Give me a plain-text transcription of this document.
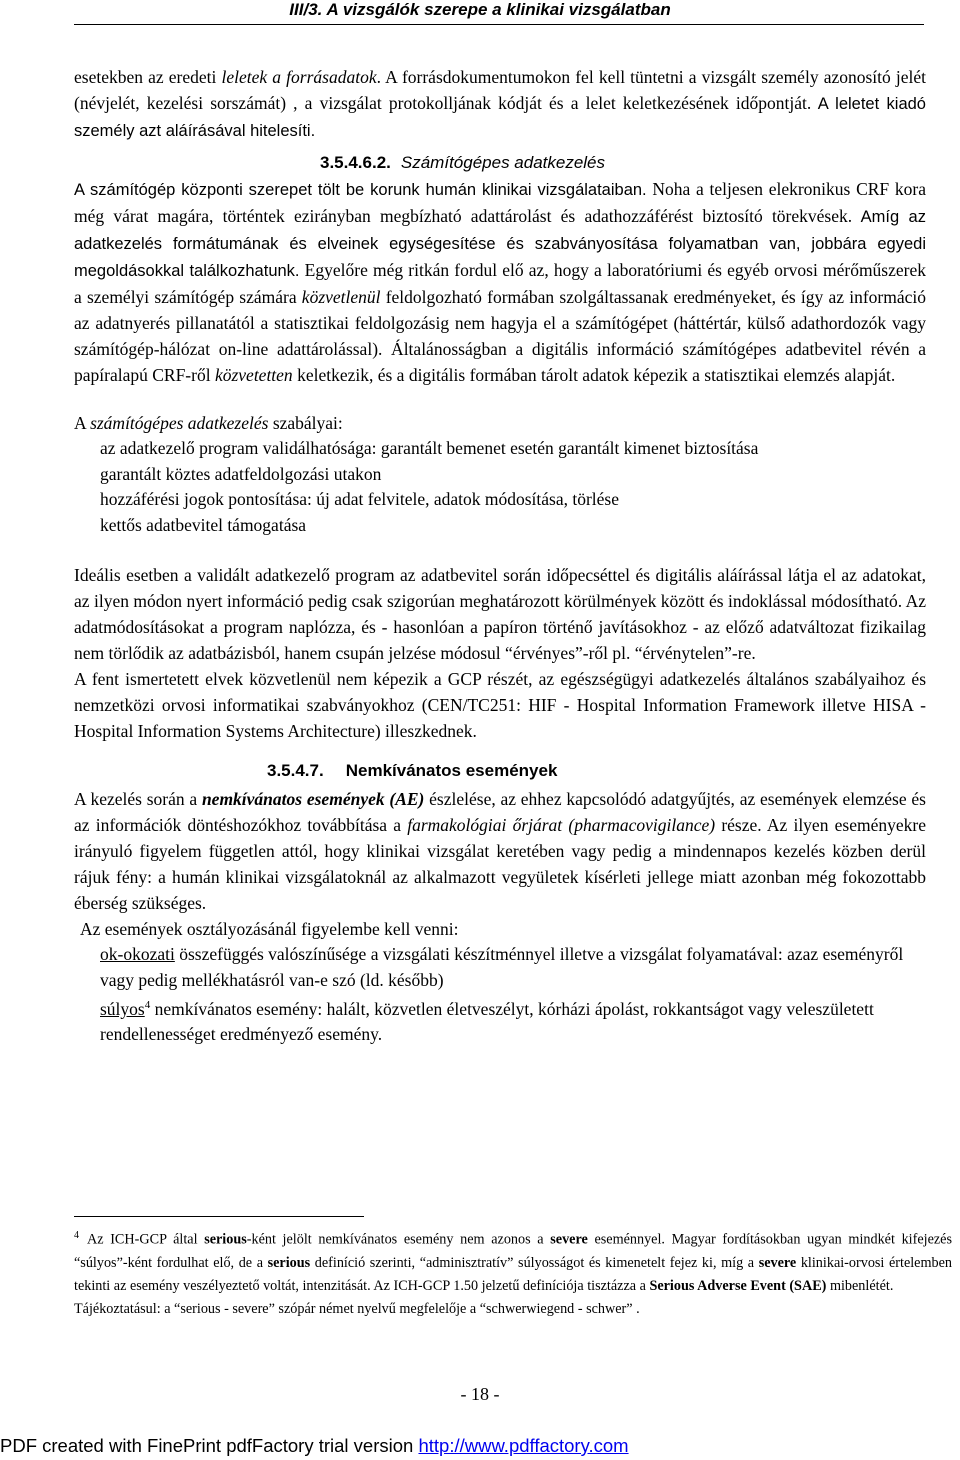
III/3. A vizsgálók szerepe a klinikai vizsgálatban

esetekben az eredeti leletek a forrásadatok. A forrásdokumentumokon fel kell tüntetni a vizsgált személy azonosító jelét (névjelét, kezelési sorszámát) , a vizsgálat protokolljának kódját és a lelet keletkezésének időpontját. A leletet kiadó személy azt aláírásával hitelesíti.

3.5.4.6.2. Számítógépes adatkezelés

A számítógép központi szerepet tölt be korunk humán klinikai vizsgálataiban. Noha a teljesen elekronikus CRF kora még várat magára, történtek ezirányban megbízható adattárolást és adathozzáférést biztosító törekvések. Amíg az adatkezelés formátumának és elveinek egységesítése és szabványosítása folyamatban van, jobbára egyedi megoldásokkal találkozhatunk. Egyelőre még ritkán fordul elő az, hogy a laboratóriumi és egyéb orvosi mérőműszerek a személyi számítógép számára közvetlenül feldolgozható formában szolgáltassanak eredményeket, és így az információ az adatnyerés pillanatától a statisztikai feldolgozásig nem hagyja el a számítógépet (háttértár, külső adathordozók vagy számítógép-hálózat on-line adattárolással). Általánosságban a digitális információ számítógépes adatbevitel révén a papíralapú CRF-ről közvetetten keletkezik, és a digitális formában tárolt adatok képezik a statisztikai elemzés alapját.

A számítógépes adatkezelés szabályai:

az adatkezelő program validálhatósága: garantált bemenet esetén garantált kimenet biztosítása
garantált köztes adatfeldolgozási utakon
hozzáférési jogok pontosítása: új adat felvitele, adatok módosítása, törlése
kettős adatbevitel támogatása

Ideális esetben a validált adatkezelő program az adatbevitel során időpecséttel és digitális aláírással látja el az adatokat, az ilyen módon nyert információ pedig csak szigorúan meghatározott körülmények között és indoklással módosítható. Az adatmódosításokat a program naplózza, és - hasonlóan a papíron történő javításokhoz - az előző adatváltozat fizikailag nem törlődik az adatbázisból, hanem csupán jelzése módosul “érvényes”-ről pl. “érvénytelen”-re.

A fent ismertetett elvek közvetlenül nem képezik a GCP részét, az egészségügyi adatkezelés általános szabályaihoz és nemzetközi orvosi informatikai szabványokhoz (CEN/TC251: HIF - Hospital Information Framework illetve HISA - Hospital Information Systems Architecture) illeszkednek.

3.5.4.7. Nemkívánatos események

A kezelés során a nemkívánatos események (AE) észlelése, az ehhez kapcsolódó adatgyűjtés, az események elemzése és az információk döntéshozókhoz továbbítása a farmakológiai őrjárat (pharmacovigilance) része. Az ilyen eseményekre irányuló figyelem független attól, hogy klinikai vizsgálat keretében vagy pedig a mindennapos kezelés közben derül rájuk fény: a humán klinikai vizsgálatoknál az alkalmazott vegyületek kísérleti jellege miatt azonban még fokozottabb éberség szükséges.

Az események osztályozásánál figyelembe kell venni:

ok-okozati összefüggés valószínűsége a vizsgálati készítménnyel illetve a vizsgálat folyamatával: azaz eseményről vagy pedig mellékhatásról van-e szó (ld. később)
súlyos$^4$ nemkívánatos esemény: halált, közvetlen életveszélyt, kórházi ápolást, rokkantságot vagy veleszületett rendellenességet eredményező esemény.

$^4$ Az ICH-GCP által serious-ként jelölt nemkívánatos esemény nem azonos a severe eseménnyel. Magyar fordításokban ugyan mindkét kifejezés “súlyos”-ként fordulhat elő, de a serious definíció szerinti, “adminisztratív” súlyosságot és kimenetelt fejez ki, míg a severe klinikai-orvosi értelemben tekinti az esemény veszélyeztető voltát, intenzitását. Az ICH-GCP 1.50 jelzetű definíciója tisztázza a Serious Adverse Event (SAE) mibenlétét.

Tájékoztatásul: a “serious - severe” szópár német nyelvű megfelelője a “schwerwiegend - schwer” .

- 18 -
PDF created with FinePrint pdfFactory trial version http://www.pdffactory.com
